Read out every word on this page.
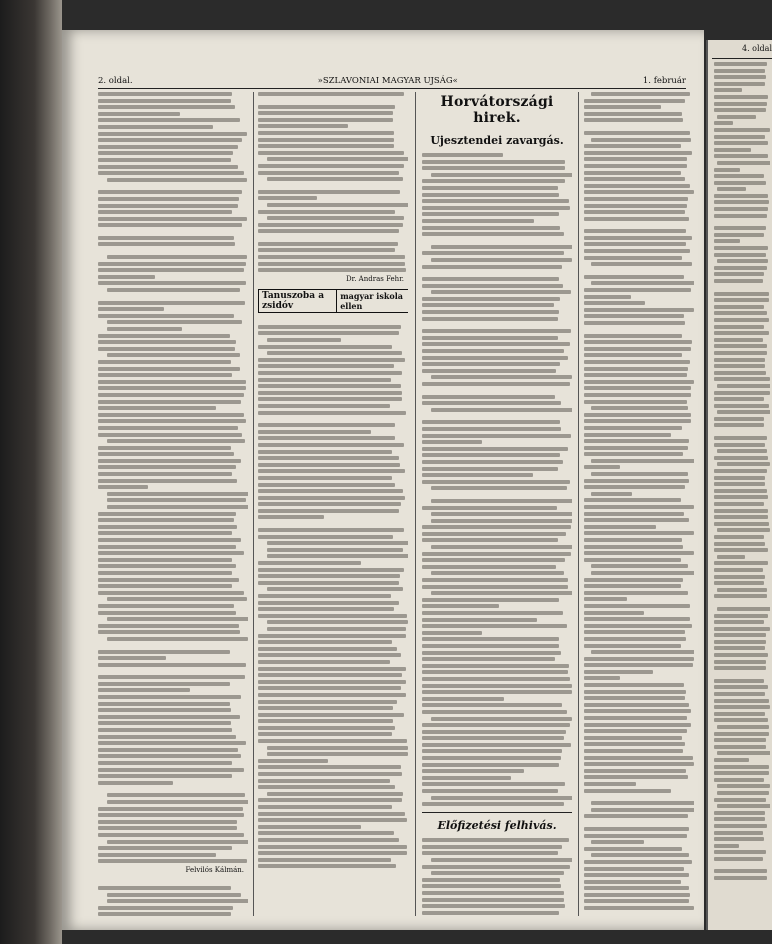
2. oldal.	»SZLAVONIAI MAGYAR UJSÁG«	1. február
Felvilós Kálmán.
Dr. Andras Fehr.
Tanuszoba a zsidóv
magyar iskola ellen
Horvátországi hirek.
Ujesztendei zavargás.
Előfizetési felhivás.
4. oldal
